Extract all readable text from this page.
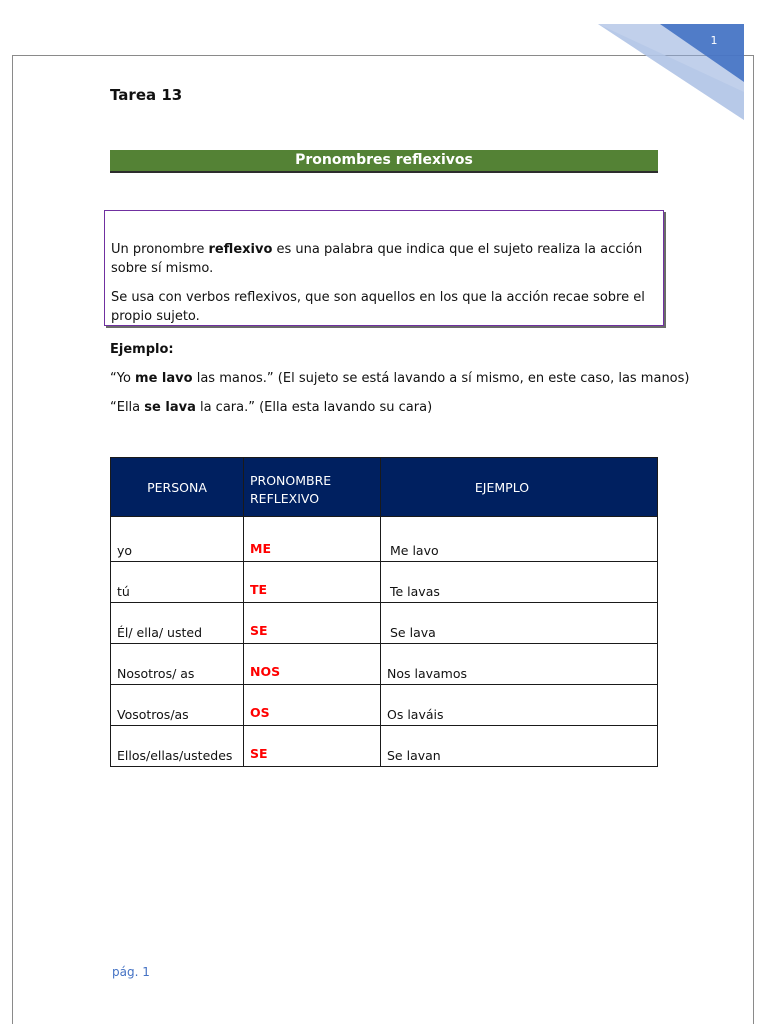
1
Tarea 13
Pronombres reflexivos

Un pronombre reflexivo es una palabra que indica que el sujeto realiza la acción sobre sí mismo.

Se usa con verbos reflexivos, que son aquellos en los que la acción recae sobre el propio sujeto.

Ejemplo:

“Yo me lavo las manos.” (El sujeto se está lavando a sí mismo, en este caso, las manos)

“Ella se lava la cara.” (Ella esta lavando su cara)

PERSONA	PRONOMBRE REFLEXIVO	EJEMPLO
yo	ME	Me lavo
tú	TE	Te lavas
Él/ ella/ usted	SE	Se lava
Nosotros/ as	NOS	Nos lavamos
Vosotros/as	OS	Os laváis
Ellos/ellas/ustedes	SE	Se lavan
pág. 1
